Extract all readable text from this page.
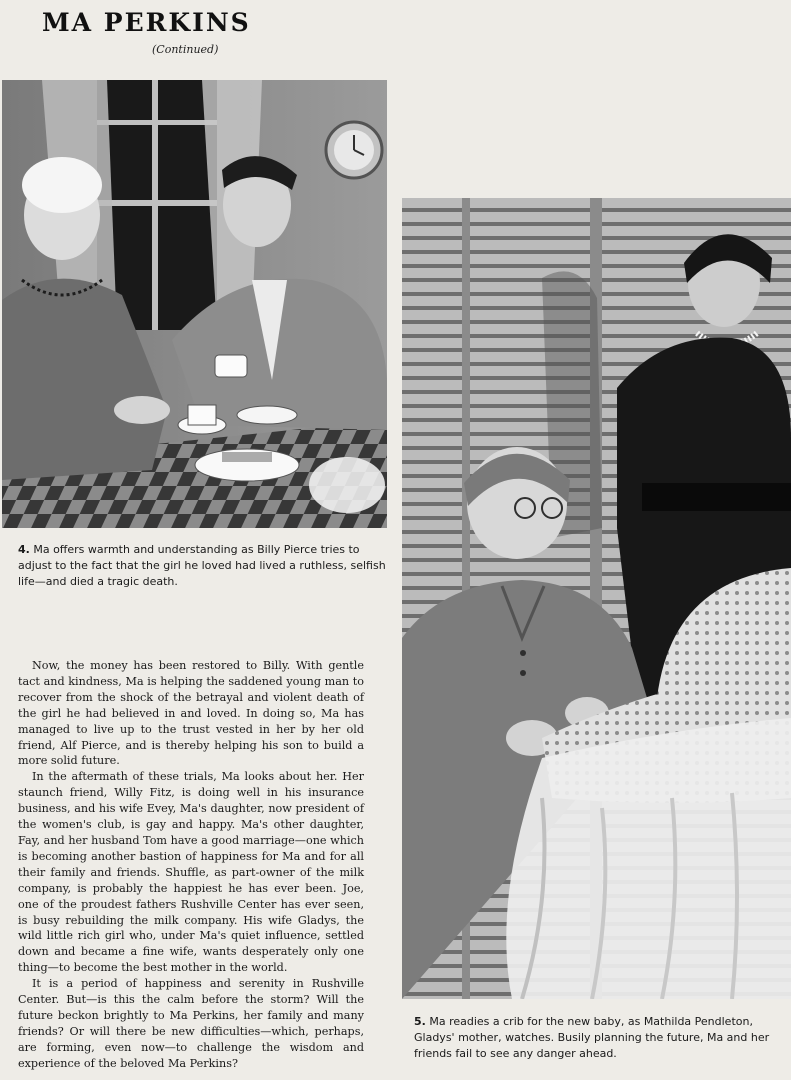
MA PERKINS
(Continued)
4. Ma offers warmth and understanding as Billy Pierce tries to adjust to the fact that the girl he loved had lived a ruthless, selfish life—and died a tragic death.

Now, the money has been restored to Billy. With gentle tact and kindness, Ma is helping the saddened young man to recover from the shock of the betrayal and violent death of the girl he had believed in and loved. In doing so, Ma has managed to live up to the trust vested in her by her old friend, Alf Pierce, and is thereby helping his son to build a more solid future.

In the aftermath of these trials, Ma looks about her. Her staunch friend, Willy Fitz, is doing well in his insurance business, and his wife Evey, Ma's daughter, now president of the women's club, is gay and happy. Ma's other daughter, Fay, and her husband Tom have a good marriage—one which is becoming another bastion of happiness for Ma and for all their family and friends. Shuffle, as part-owner of the milk company, is probably the happiest he has ever been. Joe, one of the proudest fathers Rushville Center has ever seen, is busy rebuilding the milk company. His wife Gladys, the wild little rich girl who, under Ma's quiet influence, settled down and became a fine wife, wants desperately only one thing—to become the best mother in the world.

It is a period of happiness and serenity in Rushville Center. But—is this the calm before the storm? Will the future beckon brightly to Ma Perkins, her family and many friends? Or will there be new difficulties—which, perhaps, are forming, even now—to challenge the wisdom and experience of the beloved Ma Perkins?

5. Ma readies a crib for the new baby, as Mathilda Pendleton, Gladys' mother, watches. Busily planning the future, Ma and her friends fail to see any danger ahead.
